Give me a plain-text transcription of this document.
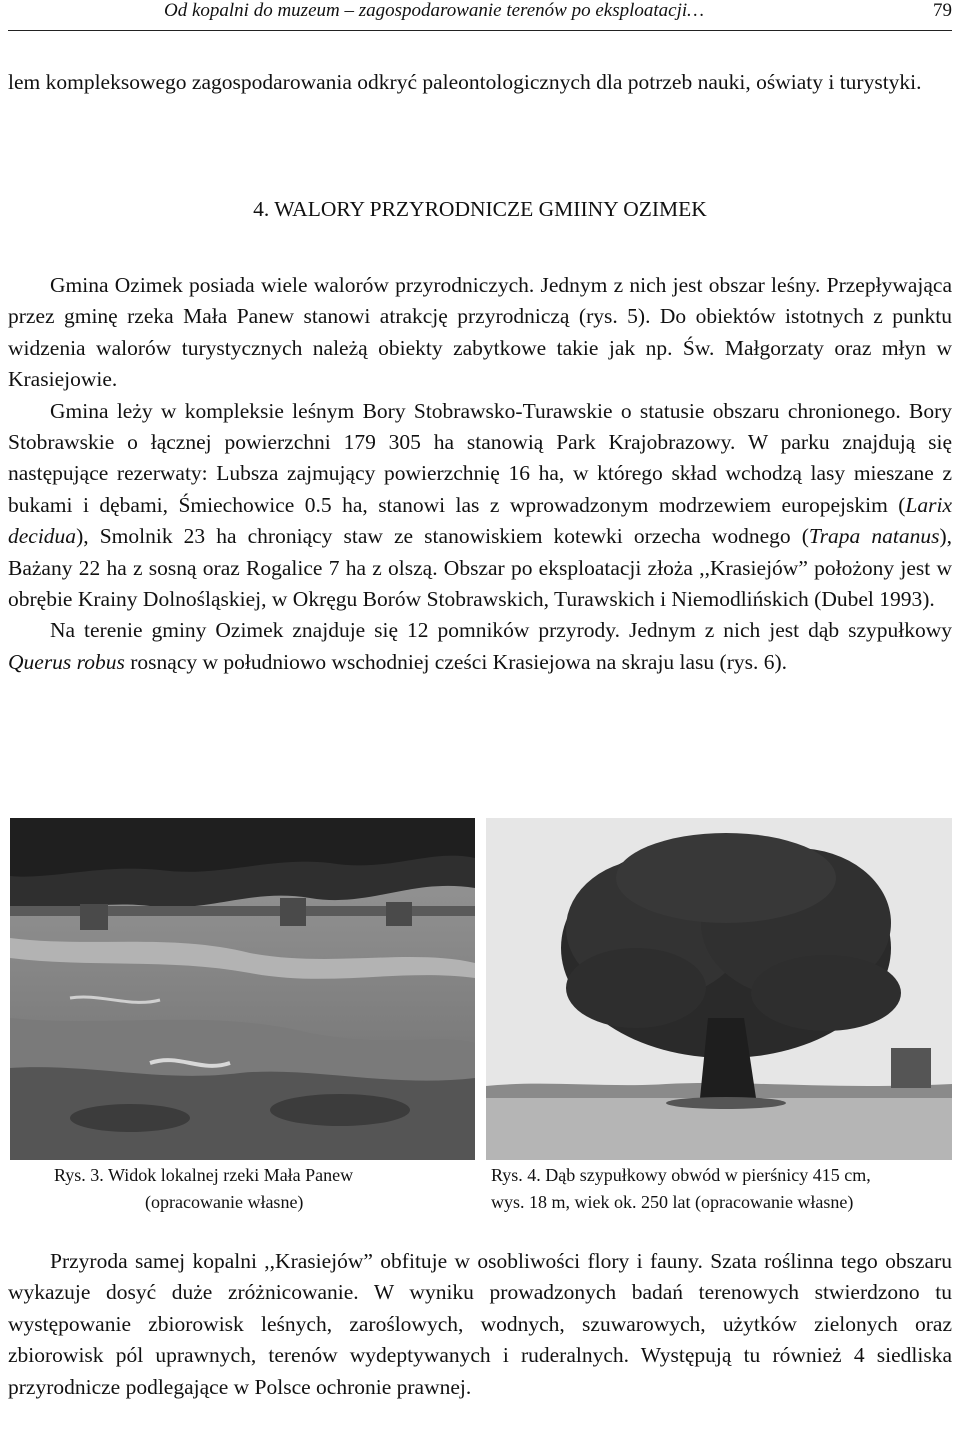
Od kopalni do muzeum – zagospodarowanie terenów po eksploatacji…	79

lem kompleksowego zagospodarowania odkryć paleontologicznych dla potrzeb nauki, oświaty i turystyki.

4. WALORY PRZYRODNICZE GMIINY OZIMEK

Gmina Ozimek posiada wiele walorów przyrodniczych. Jednym z nich jest obszar leśny. Przepływająca przez gminę rzeka Mała Panew stanowi atrakcję przyrodniczą (rys. 5). Do obiektów istotnych z punktu widzenia walorów turystycznych należą obiekty zabytkowe takie jak np. Św. Małgorzaty oraz młyn w Krasiejowie.

Gmina leży w kompleksie leśnym Bory Stobrawsko-Turawskie o statusie obszaru chronionego. Bory Stobrawskie o łącznej powierzchni 179 305 ha stanowią Park Krajobrazowy. W parku znajdują się następujące rezerwaty: Lubsza zajmujący powierzchnię 16 ha, w którego skład wchodzą lasy mieszane z bukami i dębami, Śmiechowice 0.5 ha, stanowi las z wprowadzonym modrzewiem europejskim (Larix decidua), Smolnik 23 ha chroniący staw ze stanowiskiem kotewki orzecha wodnego (Trapa natanus), Bażany 22 ha z sosną oraz Rogalice 7 ha z olszą. Obszar po eksploatacji złoża ,,Krasiejów” położony jest w obrębie Krainy Dolnośląskiej, w Okręgu Borów Stobrawskich, Turawskich i Niemodlińskich (Dubel 1993).

Na terenie gminy Ozimek znajduje się 12 pomników przyrody. Jednym z nich jest dąb szypułkowy Querus robus rosnący w południowo wschodniej cześci Krasiejowa na skraju lasu (rys. 6).

Rys. 3. Widok lokalnej rzeki Mała Panew

(opracowanie własne)

Rys. 4. Dąb szypułkowy obwód w pierśnicy 415 cm,

wys. 18 m, wiek ok. 250 lat (opracowanie własne)

Przyroda samej kopalni ,,Krasiejów” obfituje w osobliwości flory i fauny. Szata roślinna tego obszaru wykazuje dosyć duże zróżnicowanie. W wyniku prowadzonych badań terenowych stwierdzono tu występowanie zbiorowisk leśnych, zaroślowych, wodnych, szuwarowych, użytków zielonych oraz zbiorowisk pól uprawnych, terenów wydeptywanych i ruderalnych. Występują tu również 4 siedliska przyrodnicze podlegające w Polsce ochronie prawnej.
